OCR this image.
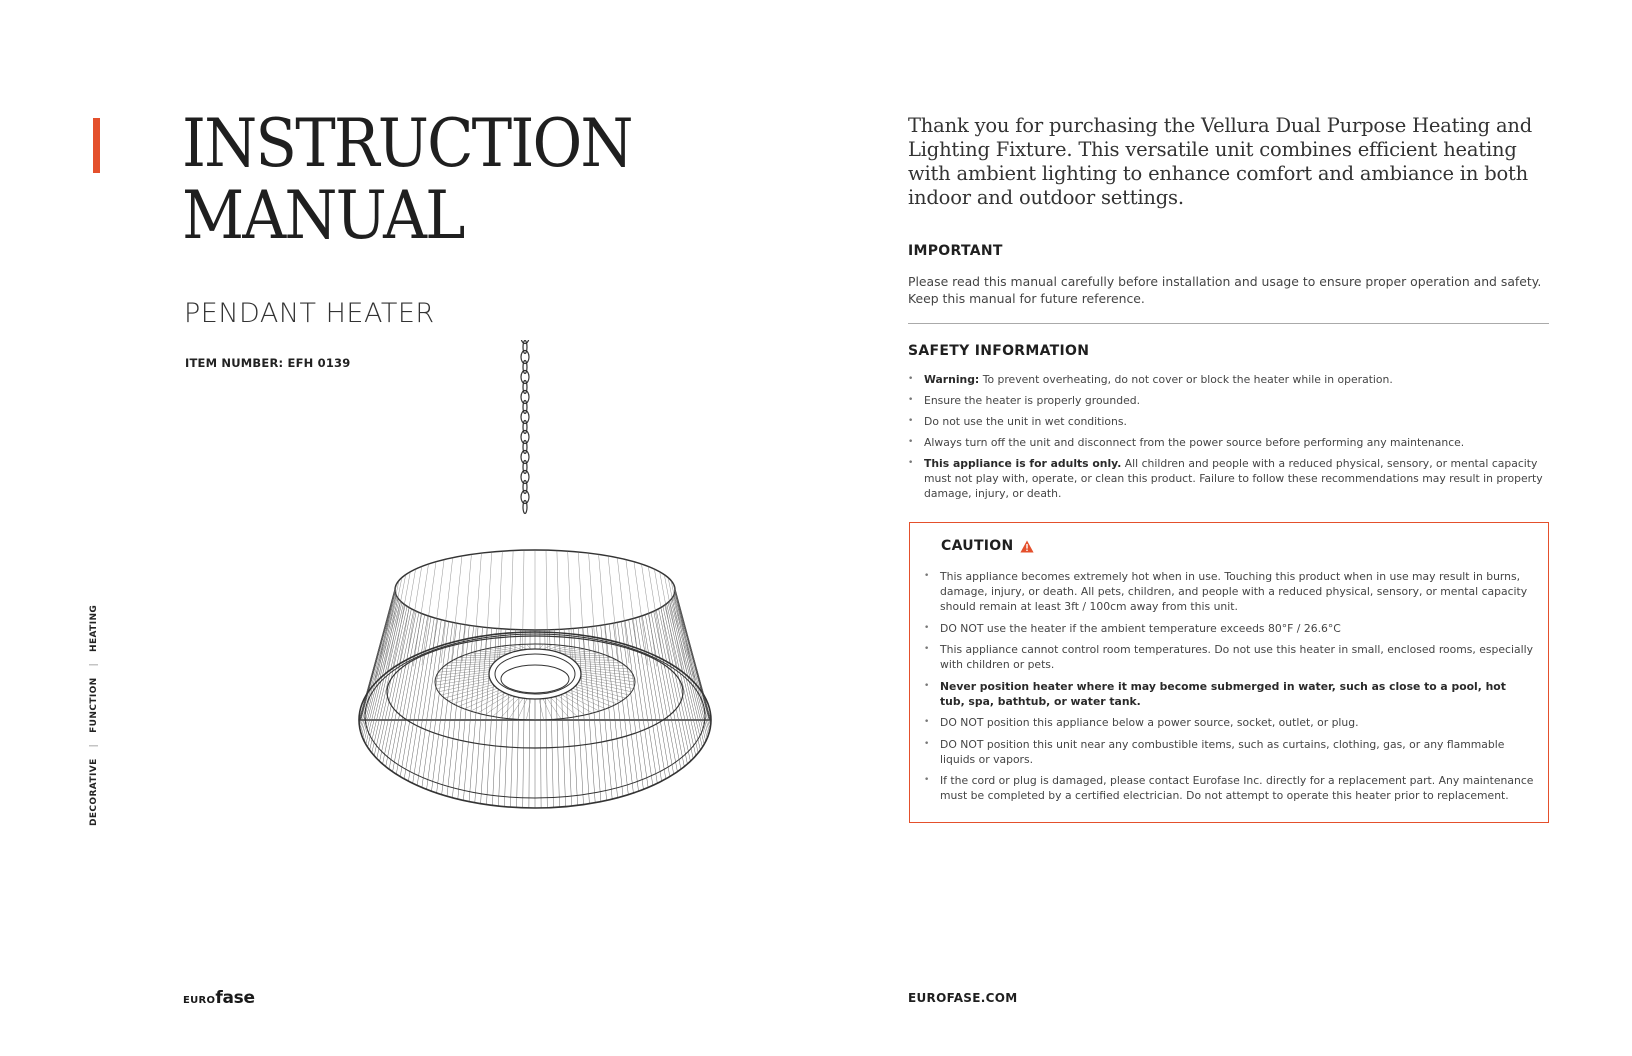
INSTRUCTION
MANUAL
PENDANT HEATER
ITEM NUMBER: EFH 0139
DECORATIVE|FUNCTION|HEATING
EUROfase

Thank you for purchasing the Vellura Dual Purpose Heating and Lighting Fixture. This versatile unit combines efficient heating with ambient lighting to enhance comfort and ambiance in both indoor and outdoor settings.

IMPORTANT

Please read this manual carefully before installation and usage to ensure proper operation and safety. Keep this manual for future reference.

SAFETY INFORMATION
• Warning: To prevent overheating, do not cover or block the heater while in operation.
• Ensure the heater is properly grounded.
• Do not use the unit in wet conditions.
• Always turn off the unit and disconnect from the power source before performing any maintenance.
• This appliance is for adults only. All children and people with a reduced physical, sensory, or mental capacity must not play with, operate, or clean this product. Failure to follow these recommendations may result in property damage, injury, or death.
CAUTION
• This appliance becomes extremely hot when in use. Touching this product when in use may result in burns, damage, injury, or death. All pets, children, and people with a reduced physical, sensory, or mental capacity should remain at least 3ft / 100cm away from this unit.
• DO NOT use the heater if the ambient temperature exceeds 80°F / 26.6°C
• This appliance cannot control room temperatures. Do not use this heater in small, enclosed rooms, especially with children or pets.
• Never position heater where it may become submerged in water, such as close to a pool, hot tub, spa, bathtub, or water tank.
• DO NOT position this appliance below a power source, socket, outlet, or plug.
• DO NOT position this unit near any combustible items, such as curtains, clothing, gas, or any flammable liquids or vapors.
• If the cord or plug is damaged, please contact Eurofase Inc. directly for a replacement part. Any maintenance must be completed by a certified electrician. Do not attempt to operate this heater prior to replacement.
EUROFASE.COM
